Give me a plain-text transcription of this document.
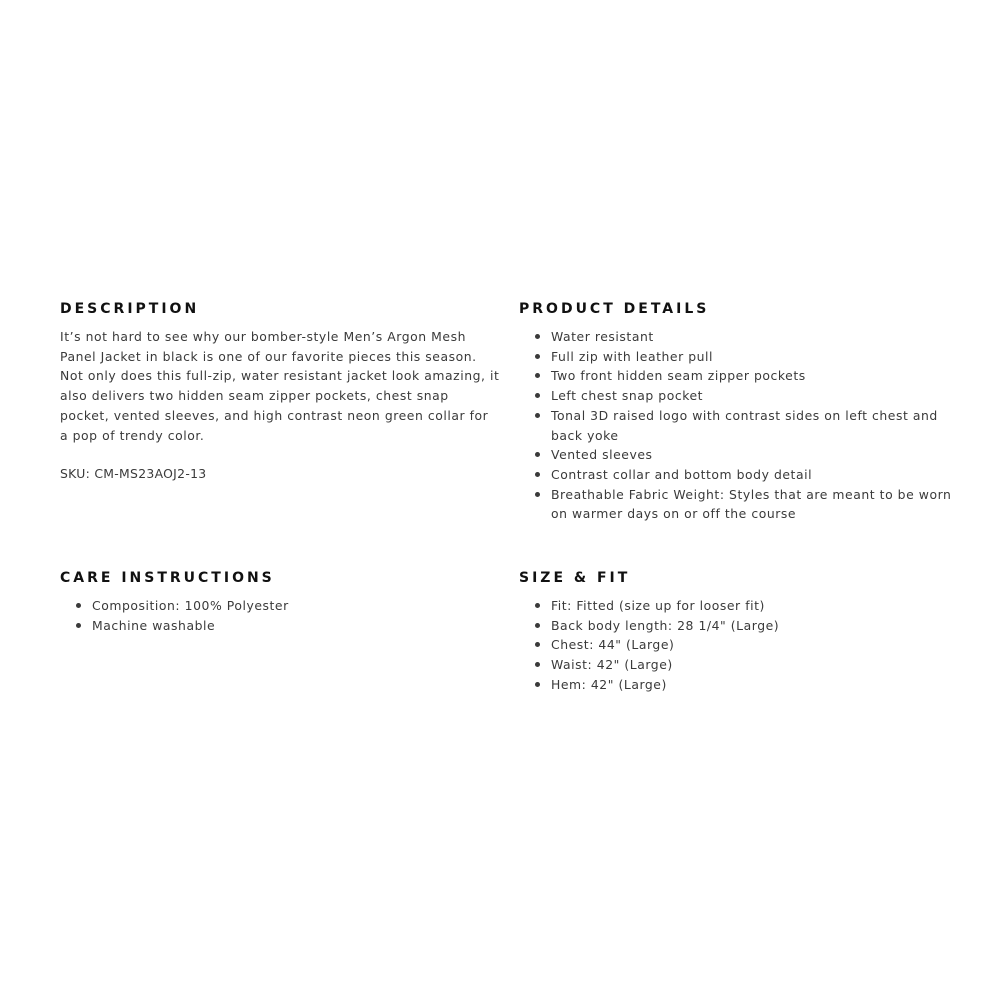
DESCRIPTION

It’s not hard to see why our bomber-style Men’s Argon Mesh Panel Jacket in black is one of our favorite pieces this season. Not only does this full-zip, water resistant jacket look amazing, it also delivers two hidden seam zipper pockets, chest snap pocket, vented sleeves, and high contrast neon green collar for a pop of trendy color.

SKU: CM-MS23AOJ2-13

PRODUCT DETAILS
Water resistant
Full zip with leather pull
Two front hidden seam zipper pockets
Left chest snap pocket
Tonal 3D raised logo with contrast sides on left chest and back yoke
Vented sleeves
Contrast collar and bottom body detail
Breathable Fabric Weight: Styles that are meant to be worn on warmer days on or off the course
CARE INSTRUCTIONS
Composition: 100% Polyester
Machine washable
SIZE & FIT
Fit: Fitted (size up for looser fit)
Back body length: 28 1/4" (Large)
Chest: 44" (Large)
Waist: 42" (Large)
Hem: 42" (Large)
